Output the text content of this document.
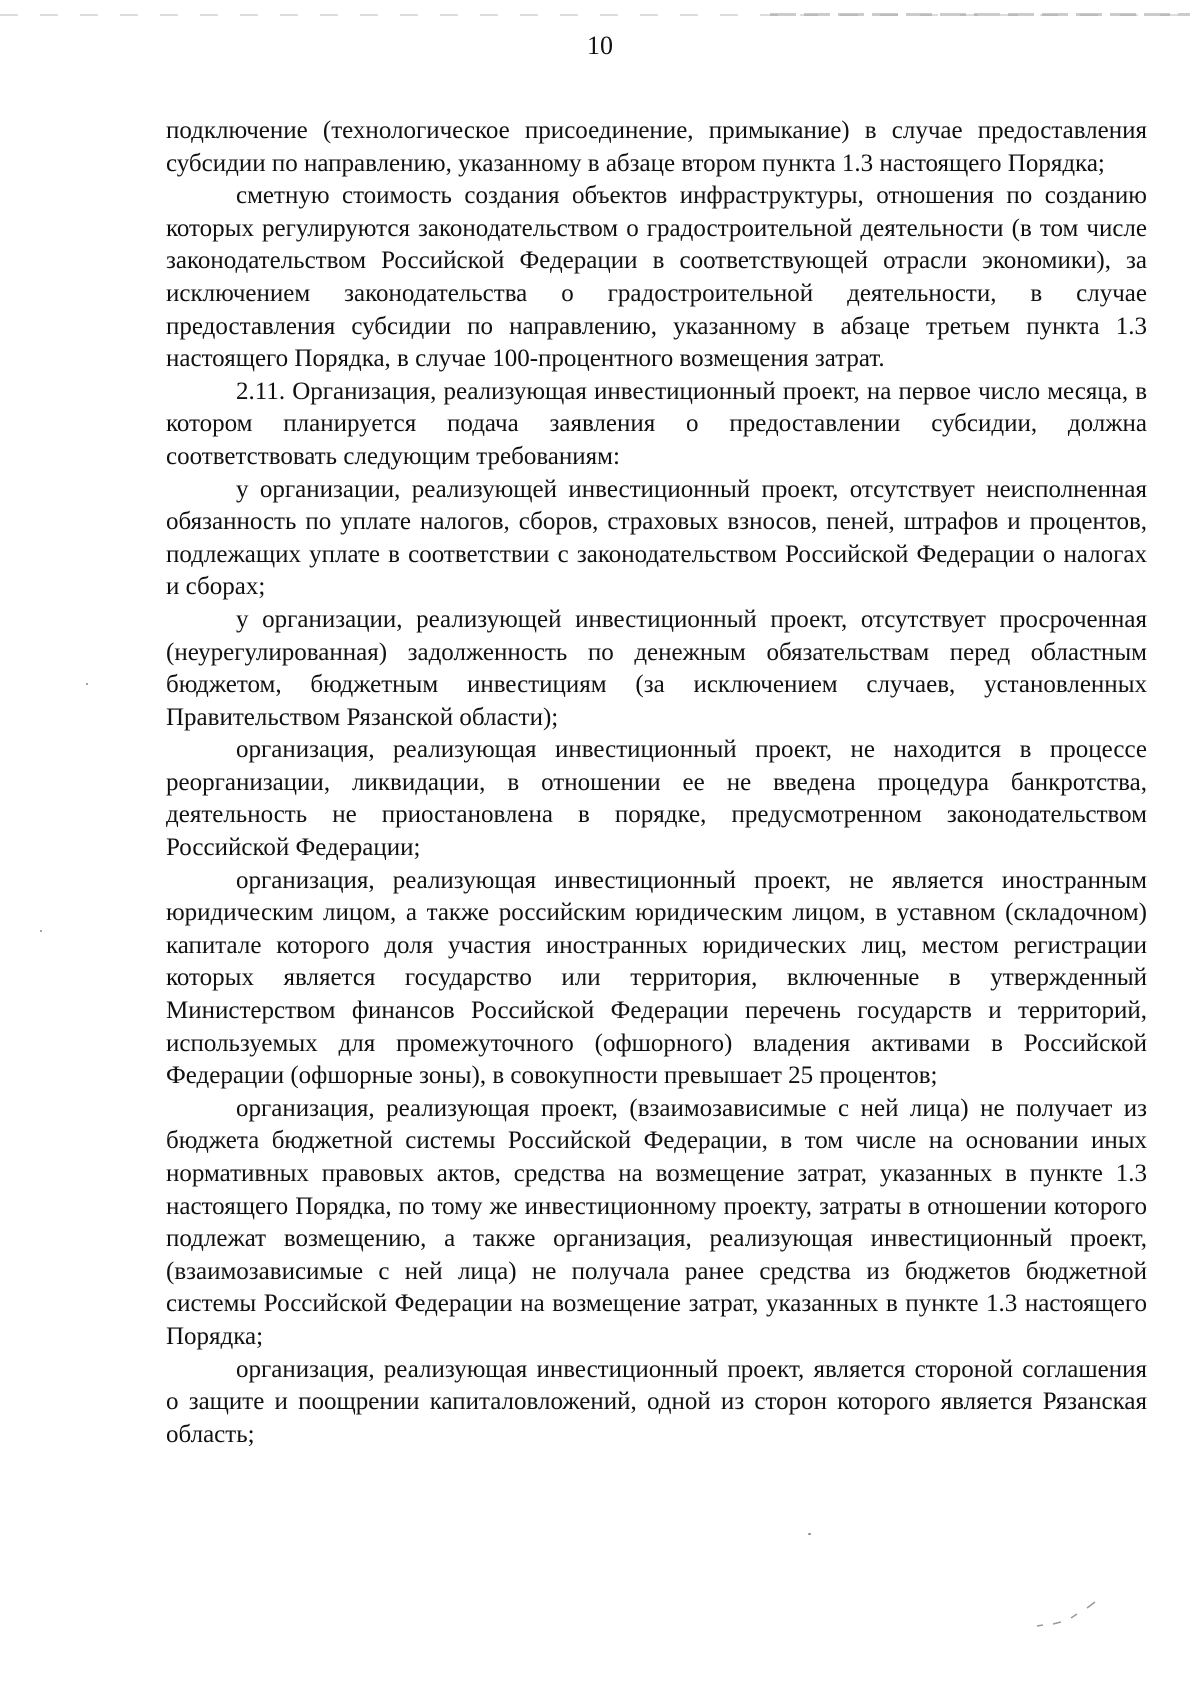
10

подключение (технологическое присоединение, примыкание) в случае предоставления субсидии по направлению, указанному в абзаце втором пункта 1.3 настоящего Порядка;

сметную стоимость создания объектов инфраструктуры, отношения по созданию которых регулируются законодательством о градостроительной деятельности (в том числе законодательством Российской Федерации в соответствующей отрасли экономики), за исключением законодательства о градостроительной деятельности, в случае предоставления субсидии по направлению, указанному в абзаце третьем пункта 1.3 настоящего Порядка, в случае 100-процентного возмещения затрат.

2.11. Организация, реализующая инвестиционный проект, на первое число месяца, в котором планируется подача заявления о предоставлении субсидии, должна соответствовать следующим требованиям:

у организации, реализующей инвестиционный проект, отсутствует неисполненная обязанность по уплате налогов, сборов, страховых взносов, пеней, штрафов и процентов, подлежащих уплате в соответствии с законодательством Российской Федерации о налогах и сборах;

у организации, реализующей инвестиционный проект, отсутствует просроченная (неурегулированная) задолженность по денежным обязательствам перед областным бюджетом, бюджетным инвестициям (за исключением случаев, установленных Правительством Рязанской области);

организация, реализующая инвестиционный проект, не находится в процессе реорганизации, ликвидации, в отношении ее не введена процедура банкротства, деятельность не приостановлена в порядке, предусмотренном законодательством Российской Федерации;

организация, реализующая инвестиционный проект, не является иностранным юридическим лицом, а также российским юридическим лицом, в уставном (складочном) капитале которого доля участия иностранных юридических лиц, местом регистрации которых является государство или территория, включенные в утвержденный Министерством финансов Российской Федерации перечень государств и территорий, используемых для промежуточного (офшорного) владения активами в Российской Федерации (офшорные зоны), в совокупности превышает 25 процентов;

организация, реализующая проект, (взаимозависимые с ней лица) не получает из бюджета бюджетной системы Российской Федерации, в том числе на основании иных нормативных правовых актов, средства на возмещение затрат, указанных в пункте 1.3 настоящего Порядка, по тому же инвестиционному проекту, затраты в отношении которого подлежат возмещению, а также организация, реализующая инвестиционный проект, (взаимозависимые с ней лица) не получала ранее средства из бюджетов бюджетной системы Российской Федерации на возмещение затрат, указанных в пункте 1.3 настоящего Порядка;

организация, реализующая инвестиционный проект, является стороной соглашения о защите и поощрении капиталовложений, одной из сторон которого является Рязанская область;
